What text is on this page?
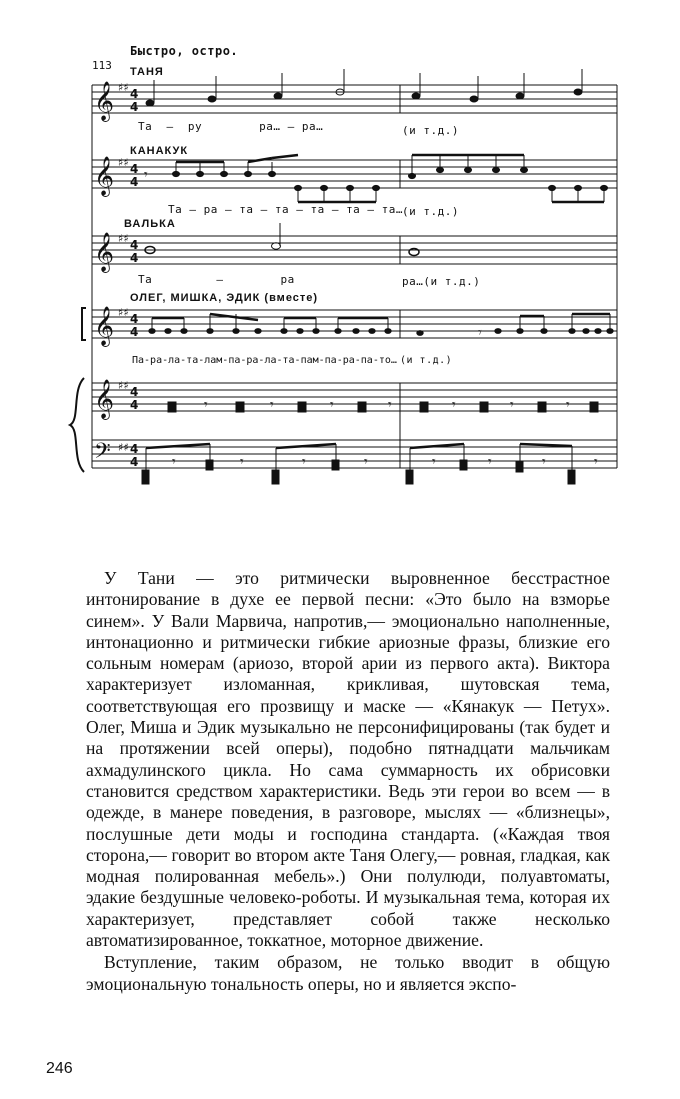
Быстро, остро.
113 ТАНЯ
Та  –  ру        ра… – ра…	(и т.д.)
КАНАКУК
Та – ра – та – та – та – та – та…
(и т.д.)
ВАЛЬКА
Та         –        ра	ра…(и т.д.)
ОЛЕГ, МИШКА, ЭДИК (вместе)
Па-ра-ла-та-лам-па-ра-ла-та-пам-па-ра-па-то… (и т.д.)
𝄞
𝄞
𝄞
𝄞
𝄞
𝄢
♯♯
♯♯
♯♯
♯♯
♯♯
♯♯
4
4
4
4
4
4
4
4
4
4
4
4
𝄾
𝄾	𝄾	𝄾	𝄾	𝄾	𝄾	𝄾
𝄾	𝄾	𝄾	𝄾	𝄾	𝄾	𝄾	𝄾
𝄾

У Тани — это ритмически выровненное бесстрастное интонирование в духе ее первой песни: «Это было на взморье синем». У Вали Марвича, напротив,— эмоционально наполненные, интонационно и ритмически гибкие ариозные фразы, близкие его сольным номерам (ариозо, второй арии из первого акта). Виктора характеризует изломанная, крикливая, шутовская тема, соответствующая его прозвищу и маске — «Кянакук — Петух». Олег, Миша и Эдик музыкально не персонифицированы (так будет и на протяжении всей оперы), подобно пятнадцати мальчикам ахмадулинского цикла. Но сама суммарность их обрисовки становится средством характеристики. Ведь эти герои во всем — в одежде, в манере поведения, в разговоре, мыслях — «близнецы», послушные дети моды и господина стандарта. («Каждая твоя сторона,— говорит во втором акте Таня Олегу,— ровная, гладкая, как модная полированная мебель».) Они полулюди, полуавтоматы, эдакие бездушные человеко-роботы. И музыкальная тема, которая их характеризует, представляет собой также несколько автоматизированное, токкатное, моторное движение.

Вступление, таким образом, не только вводит в общую эмоциональную тональность оперы, но и является экспо-

246
